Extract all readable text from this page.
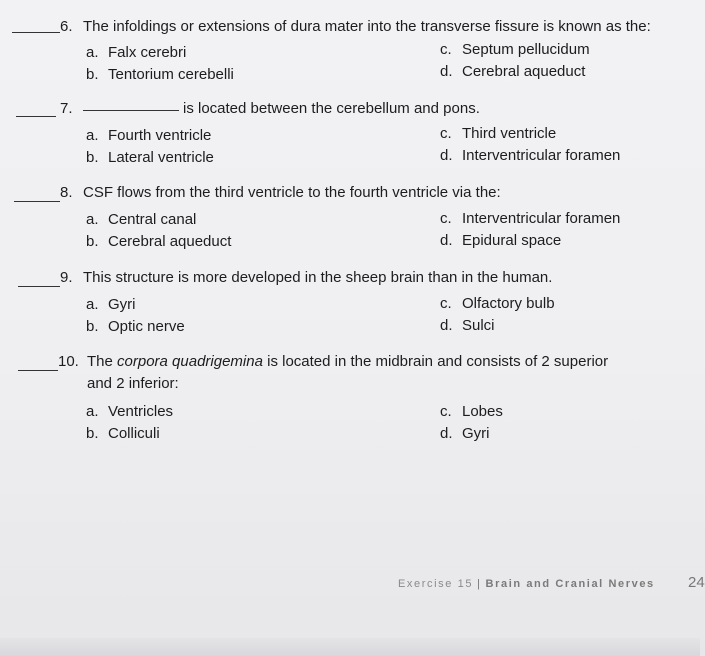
6. The infoldings or extensions of dura mater into the transverse fissure is known as the:
a. Falx cerebri	c. Septum pellucidum
b. Tentorium cerebelli	d. Cerebral aqueduct
7.	is located between the cerebellum and pons.
a. Fourth ventricle	c. Third ventricle
b. Lateral ventricle	d. Interventricular foramen
8. CSF flows from the third ventricle to the fourth ventricle via the:
a. Central canal	c. Interventricular foramen
b. Cerebral aqueduct	d. Epidural space
9. This structure is more developed in the sheep brain than in the human.
a. Gyri	c. Olfactory bulb
b. Optic nerve	d. Sulci
10. The corpora quadrigemina is located in the midbrain and consists of 2 superior
and 2 inferior:
a. Ventricles	c. Lobes
b. Colliculi	d. Gyri
Exercise 15 | Brain and Cranial Nerves 24
